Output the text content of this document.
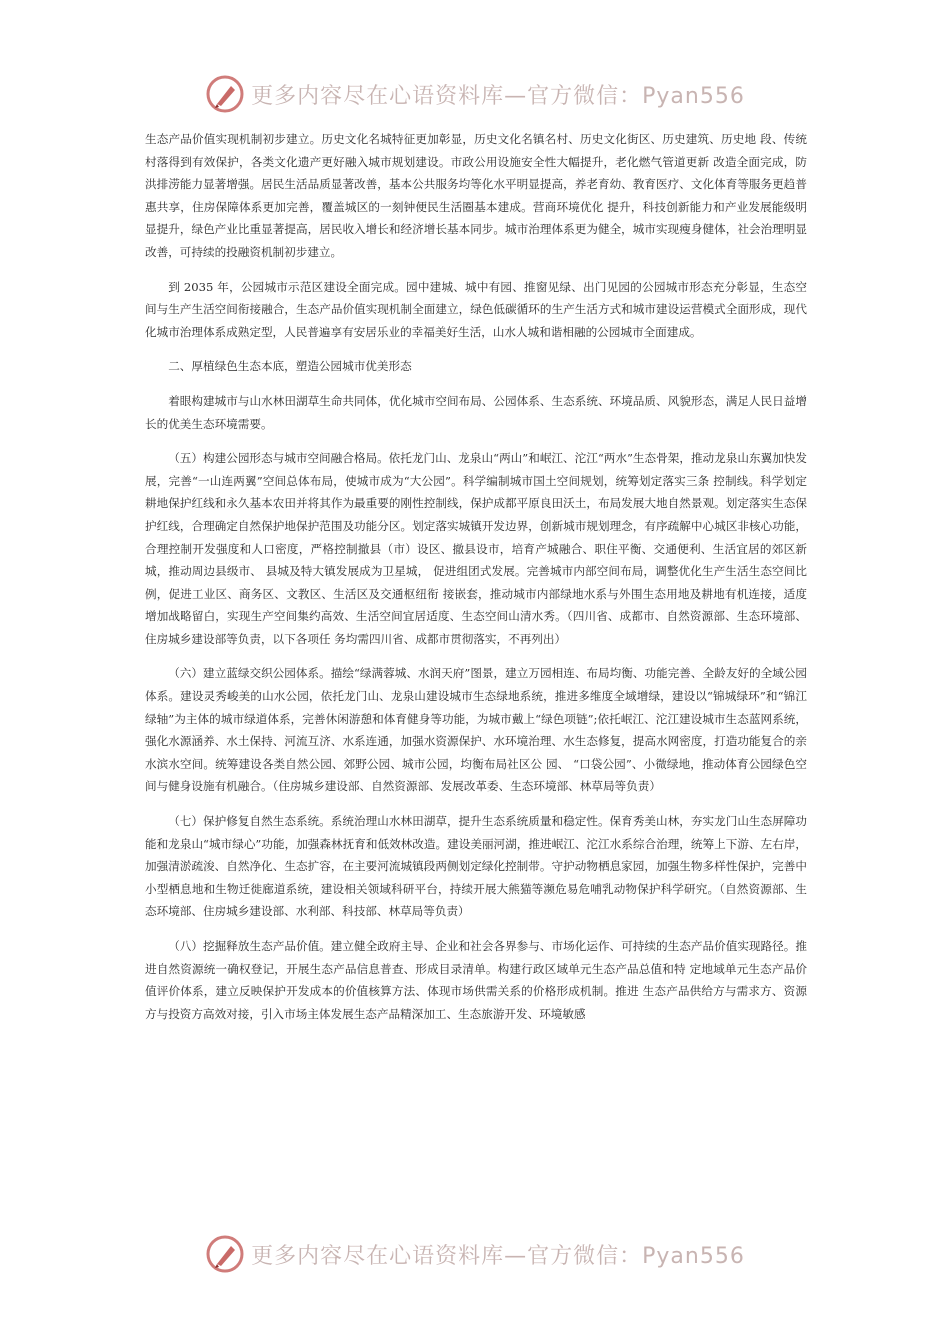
更多内容尽在心语资料库—官方微信：Pyan556

生态产品价值实现机制初步建立。历史文化名城特征更加彰显，历史文化名镇名村、历史文化街区、历史建筑、历史地 段、传统村落得到有效保护，各类文化遗产更好融入城市规划建设。市政公用设施安全性大幅提升，老化燃气管道更新 改造全面完成，防洪排涝能力显著增强。居民生活品质显著改善，基本公共服务均等化水平明显提高，养老育幼、教育医疗、文化体育等服务更趋普惠共享，住房保障体系更加完善，覆盖城区的一刻钟便民生活圈基本建成。营商环境优化 提升，科技创新能力和产业发展能级明显提升，绿色产业比重显著提高，居民收入增长和经济增长基本同步。城市治理体系更为健全，城市实现瘦身健体，社会治理明显改善，可持续的投融资机制初步建立。

到 2035 年，公园城市示范区建设全面完成。园中建城、城中有园、推窗见绿、出门见园的公园城市形态充分彰显，生态空间与生产生活空间衔接融合，生态产品价值实现机制全面建立，绿色低碳循环的生产生活方式和城市建设运营模式全面形成，现代化城市治理体系成熟定型，人民普遍享有安居乐业的幸福美好生活，山水人城和谐相融的公园城市全面建成。

二、厚植绿色生态本底，塑造公园城市优美形态

着眼构建城市与山水林田湖草生命共同体，优化城市空间布局、公园体系、生态系统、环境品质、风貌形态，满足人民日益增长的优美生态环境需要。

（五）构建公园形态与城市空间融合格局。依托龙门山、龙泉山“两山”和岷江、沱江“两水”生态骨架，推动龙泉山东翼加快发展，完善“一山连两翼”空间总体布局，使城市成为“大公园”。科学编制城市国土空间规划，统筹划定落实三条 控制线。科学划定耕地保护红线和永久基本农田并将其作为最重要的刚性控制线，保护成都平原良田沃土，布局发展大地自然景观。划定落实生态保护红线，合理确定自然保护地保护范围及功能分区。划定落实城镇开发边界，创新城市规划理念，有序疏解中心城区非核心功能，合理控制开发强度和人口密度，严格控制撤县（市）设区、撤县设市，培育产城融合、职住平衡、交通便利、生活宜居的郊区新城，推动周边县级市、 县城及特大镇发展成为卫星城， 促进组团式发展。完善城市内部空间布局，调整优化生产生活生态空间比例，促进工业区、商务区、文教区、生活区及交通枢纽衔 接嵌套，推动城市内部绿地水系与外围生态用地及耕地有机连接，适度增加战略留白，实现生产空间集约高效、生活空间宜居适度、生态空间山清水秀。（四川省、成都市、自然资源部、生态环境部、住房城乡建设部等负责，以下各项任 务均需四川省、成都市贯彻落实，不再列出）

（六）建立蓝绿交织公园体系。描绘“绿满蓉城、水润天府”图景，建立万园相连、布局均衡、功能完善、全龄友好的全域公园体系。建设灵秀峻美的山水公园，依托龙门山、龙泉山建设城市生态绿地系统，推进多维度全域增绿，建设以“锦城绿环”和“锦江绿轴”为主体的城市绿道体系，完善休闲游憩和体育健身等功能，为城市戴上“绿色项链”;依托岷江、沱江建设城市生态蓝网系统，强化水源涵养、水土保持、河流互济、水系连通，加强水资源保护、水环境治理、水生态修复，提高水网密度，打造功能复合的亲水滨水空间。统筹建设各类自然公园、郊野公园、城市公园，均衡布局社区公 园、 “口袋公园”、小微绿地，推动体育公园绿色空间与健身设施有机融合。（住房城乡建设部、自然资源部、发展改革委、生态环境部、林草局等负责）

（七）保护修复自然生态系统。系统治理山水林田湖草，提升生态系统质量和稳定性。保育秀美山林，夯实龙门山生态屏障功能和龙泉山“城市绿心”功能，加强森林抚育和低效林改造。建设美丽河湖，推进岷江、沱江水系综合治理，统筹上下游、左右岸，加强清淤疏浚、自然净化、生态扩容，在主要河流城镇段两侧划定绿化控制带。守护动物栖息家园，加强生物多样性保护，完善中小型栖息地和生物迁徙廊道系统，建设相关领域科研平台，持续开展大熊猫等濒危易危哺乳动物保护科学研究。（自然资源部、生态环境部、住房城乡建设部、水利部、科技部、林草局等负责）

（八）挖掘释放生态产品价值。建立健全政府主导、企业和社会各界参与、市场化运作、可持续的生态产品价值实现路径。推进自然资源统一确权登记，开展生态产品信息普查、形成目录清单。构建行政区域单元生态产品总值和特 定地域单元生态产品价值评价体系，建立反映保护开发成本的价值核算方法、体现市场供需关系的价格形成机制。推进 生态产品供给方与需求方、资源方与投资方高效对接，引入市场主体发展生态产品精深加工、生态旅游开发、环境敏感

更多内容尽在心语资料库—官方微信：Pyan556
